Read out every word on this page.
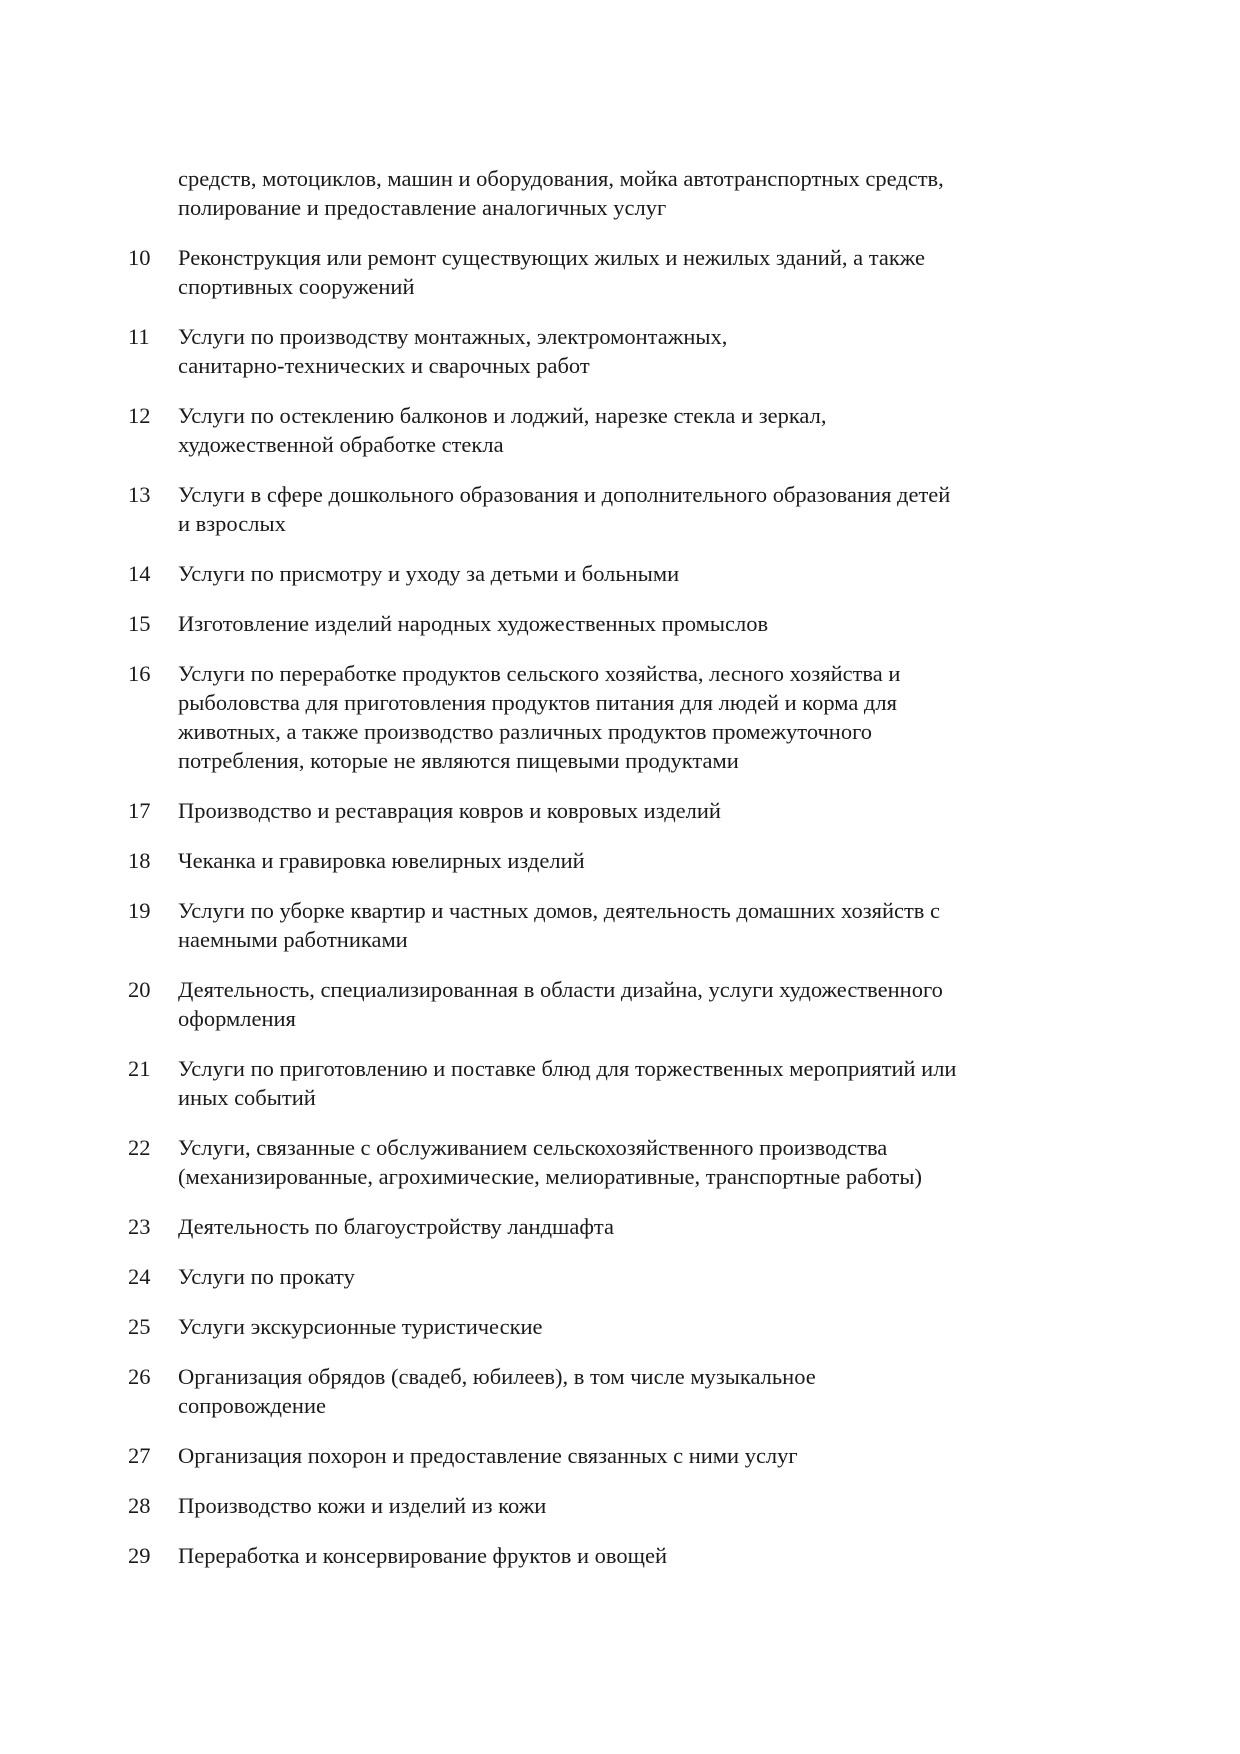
средств, мотоциклов, машин и оборудования, мойка автотранспортных средств,
полирование и предоставление аналогичных услуг
10	Реконструкция или ремонт существующих жилых и нежилых зданий, а также
спортивных сооружений
11	Услуги по производству монтажных, электромонтажных,
санитарно-технических и сварочных работ
12	Услуги по остеклению балконов и лоджий, нарезке стекла и зеркал,
художественной обработке стекла
13	Услуги в сфере дошкольного образования и дополнительного образования детей
и взрослых
14	Услуги по присмотру и уходу за детьми и больными
15	Изготовление изделий народных художественных промыслов
16	Услуги по переработке продуктов сельского хозяйства, лесного хозяйства и
рыболовства для приготовления продуктов питания для людей и корма для
животных, а также производство различных продуктов промежуточного
потребления, которые не являются пищевыми продуктами
17	Производство и реставрация ковров и ковровых изделий
18	Чеканка и гравировка ювелирных изделий
19	Услуги по уборке квартир и частных домов, деятельность домашних хозяйств с
наемными работниками
20	Деятельность, специализированная в области дизайна, услуги художественного
оформления
21	Услуги по приготовлению и поставке блюд для торжественных мероприятий или
иных событий
22	Услуги, связанные с обслуживанием сельскохозяйственного производства
(механизированные, агрохимические, мелиоративные, транспортные работы)
23	Деятельность по благоустройству ландшафта
24	Услуги по прокату
25	Услуги экскурсионные туристические
26	Организация обрядов (свадеб, юбилеев), в том числе музыкальное
сопровождение
27	Организация похорон и предоставление связанных с ними услуг
28	Производство кожи и изделий из кожи
29	Переработка и консервирование фруктов и овощей
